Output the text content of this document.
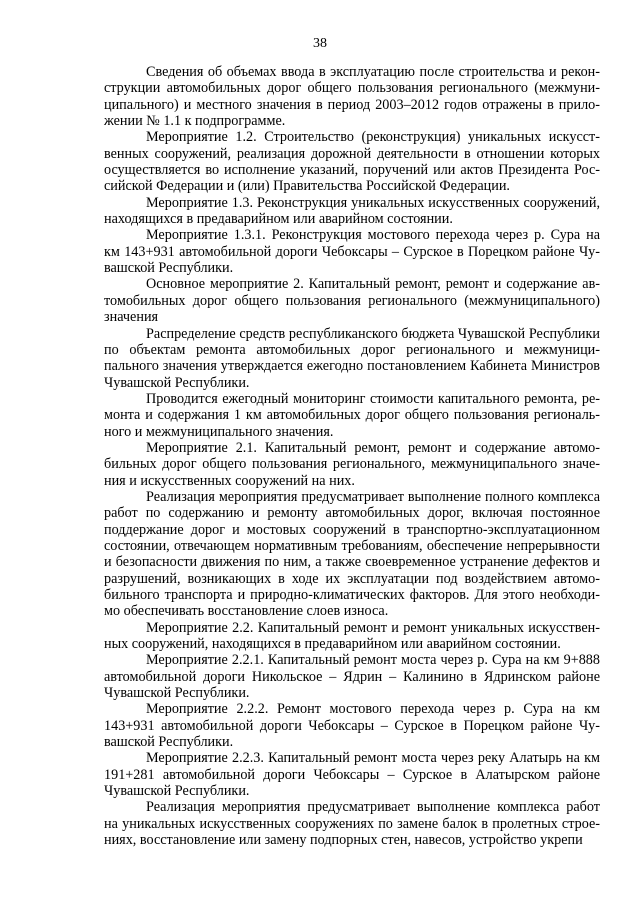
38

Сведения об объемах ввода в эксплуатацию после строительства и реконструкции автомобильных дорог общего пользования регионального (межмуниципального) и местного значения в период 2003–2012 годов отражены в приложении № 1.1 к подпрограмме.

Мероприятие 1.2. Строительство (реконструкция) уникальных искусственных сооружений, реализация дорожной деятельности в отношении которых осуществляется во исполнение указаний, поручений или актов Президента Российской Федерации и (или) Правительства Российской Федерации.

Мероприятие 1.3. Реконструкция уникальных искусственных сооружений, находящихся в предаварийном или аварийном состоянии.

Мероприятие 1.3.1. Реконструкция мостового перехода через р. Сура на км 143+931 автомобильной дороги Чебоксары – Сурское в Порецком районе Чувашской Республики.

Основное мероприятие 2. Капитальный ремонт, ремонт и содержание автомобильных дорог общего пользования регионального (межмуниципального) значения

Распределение средств республиканского бюджета Чувашской Республики по объектам ремонта автомобильных дорог регионального и межмуниципального значения утверждается ежегодно постановлением Кабинета Министров Чувашской Республики.

Проводится ежегодный мониторинг стоимости капитального ремонта, ремонта и содержания 1 км автомобильных дорог общего пользования регионального и межмуниципального значения.

Мероприятие 2.1. Капитальный ремонт, ремонт и содержание автомобильных дорог общего пользования регионального, межмуниципального значения и искусственных сооружений на них.

Реализация мероприятия предусматривает выполнение полного комплекса работ по содержанию и ремонту автомобильных дорог, включая постоянное поддержание дорог и мостовых сооружений в транспортно-эксплуатационном состоянии, отвечающем нормативным требованиям, обеспечение непрерывности и безопасности движения по ним, а также своевременное устранение дефектов и разрушений, возникающих в ходе их эксплуатации под воздействием автомобильного транспорта и природно-климатических факторов. Для этого необходимо обеспечивать восстановление слоев износа.

Мероприятие 2.2. Капитальный ремонт и ремонт уникальных искусственных сооружений, находящихся в предаварийном или аварийном состоянии.

Мероприятие 2.2.1. Капитальный ремонт моста через р. Сура на км 9+888 автомобильной дороги Никольское – Ядрин – Калинино в Ядринском районе Чувашской Республики.

Мероприятие 2.2.2. Ремонт мостового перехода через р. Сура на км 143+931 автомобильной дороги Чебоксары – Сурское в Порецком районе Чувашской Республики.

Мероприятие 2.2.3. Капитальный ремонт моста через реку Алатырь на км 191+281 автомобильной дороги Чебоксары – Сурское в Алатырском районе Чувашской Республики.

Реализация мероприятия предусматривает выполнение комплекса работ на уникальных искусственных сооружениях по замене балок в пролетных строениях, восстановление или замену подпорных стен, навесов, устройство укрепи
